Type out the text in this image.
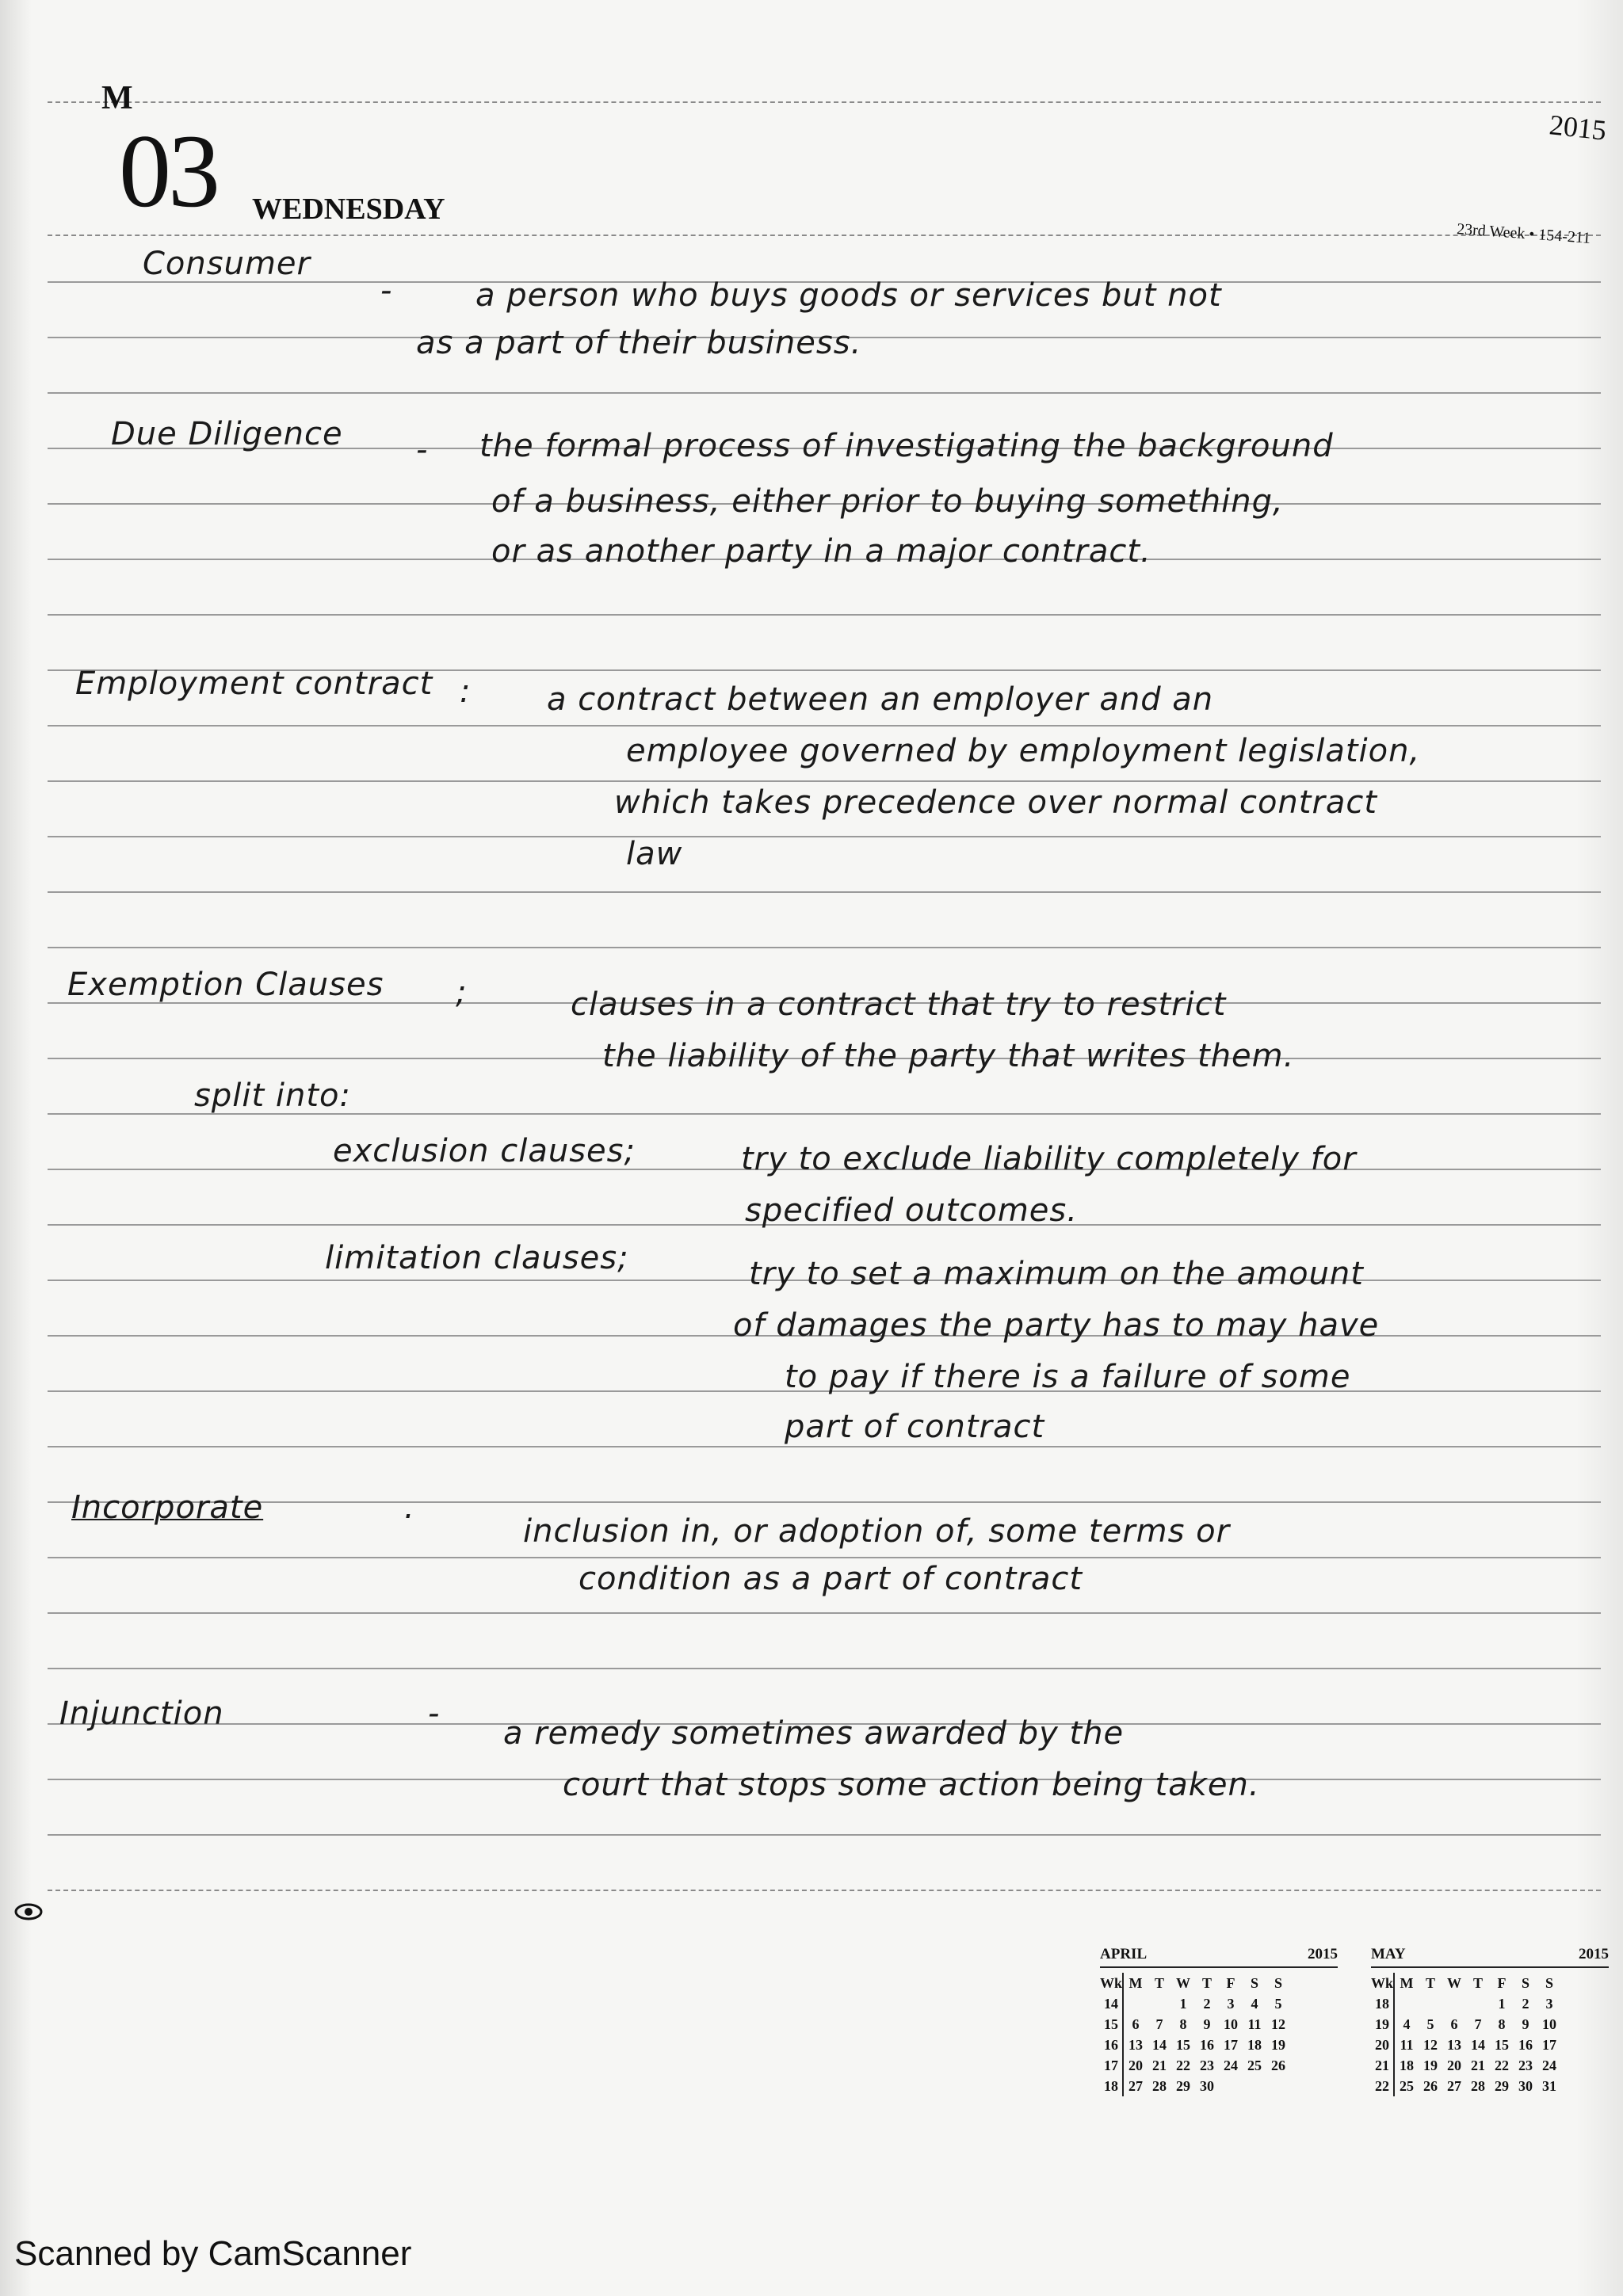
M
2015
03 WEDNESDAY
23rd Week • 154-211
Consumer
-	a person who buys goods or services but not
as a part of their business.
Due Diligence - the formal process of investigating the background
of a business, either prior to buying something,
or as another party in a major contract.
Employment contract : a contract between an employer and an
employee governed by employment legislation,
which takes precedence over normal contract
law
Exemption Clauses ;	clauses in a contract that try to restrict
the liability of the party that writes them.
split into:
exclusion clauses;	try to exclude liability completely for
specified outcomes.
limitation clauses;	try to set a maximum on the amount
of damages the party has to may have
to pay if there is a failure of some
part of contract
Incorporate	.
inclusion in, or adoption of, some terms or
condition as a part of contract
Injunction	-
a remedy sometimes awarded by the
court that stops some action being taken.
APRIL	2015
Wk	M	T	W	T	F	S	S
14			1	2	3	4	5
15	6	7	8	9	10	11	12
16	13	14	15	16	17	18	19
17	20	21	22	23	24	25	26
18	27	28	29	30			
MAY	2015
Wk	M	T	W	T	F	S	S
18					1	2	3
19	4	5	6	7	8	9	10
20	11	12	13	14	15	16	17
21	18	19	20	21	22	23	24
22	25	26	27	28	29	30	31
Scanned by CamScanner
